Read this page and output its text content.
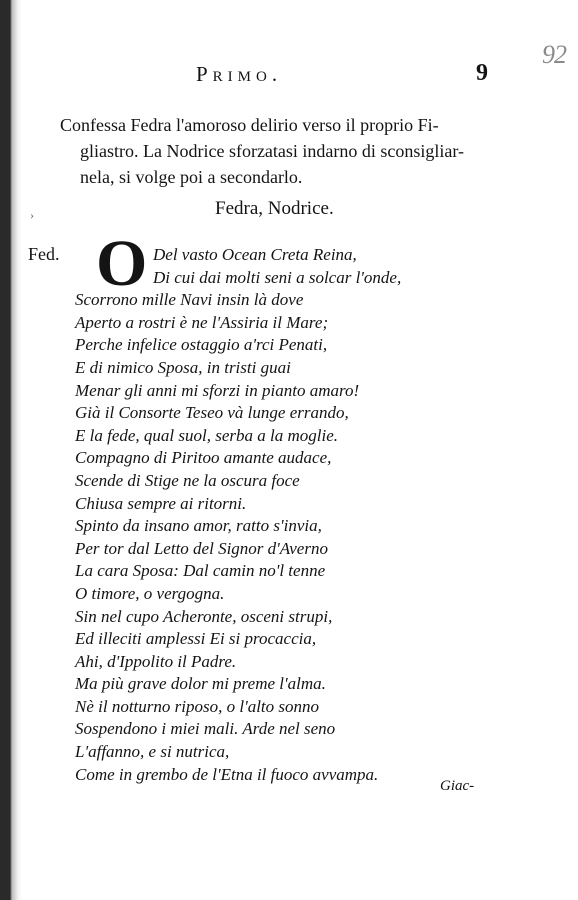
›
92
Primo.	9
Confessa Fedra l'amoroso delirio verso il proprio Fi-
gliastro. La Nodrice sforzatasi indarno di sconsigliar-
nela, si volge poi a secondarlo.
Fedra, Nodrice.
Fed. O Del vasto Ocean Creta Reina,
Di cui dai molti seni a solcar l'onde,
Scorrono mille Navi insin là dove
Aperto a rostri è ne l'Assiria il Mare;
Perche infelice ostaggio a'rci Penati,
E di nimico Sposa, in tristi guai
Menar gli anni mi sforzi in pianto amaro!
Già il Consorte Teseo và lunge errando,
E la fede, qual suol, serba a la moglie.
Compagno di Piritoo amante audace,
Scende di Stige ne la oscura foce
Chiusa sempre ai ritorni.
Spinto da insano amor, ratto s'invia,
Per tor dal Letto del Signor d'Averno
La cara Sposa: Dal camin no'l tenne
O timore, o vergogna.
Sin nel cupo Acheronte, osceni strupi,
Ed illeciti amplessi Ei si procaccia,
Ahi, d'Ippolito il Padre.
Ma più grave dolor mi preme l'alma.
Nè il notturno riposo, o l'alto sonno
Sospendono i miei mali. Arde nel seno
L'affanno, e si nutrica,
Come in grembo de l'Etna il fuoco avvampa.
Giac-
